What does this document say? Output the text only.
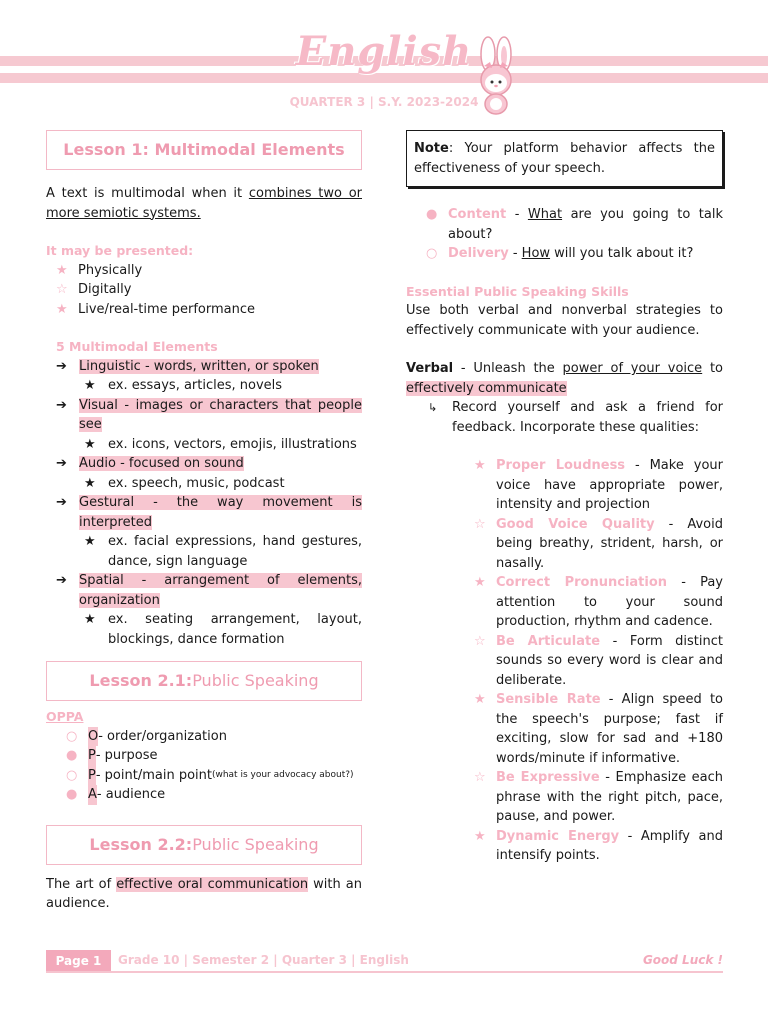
English
QUARTER 3 | S.Y. 2023-2024
Lesson 1: Multimodal Elements

A text is multimodal when it combines two or more semiotic systems.

It may be presented:
★ Physically
☆ Digitally
★ Live/real-time performance
5 Multimodal Elements
➔ Linguistic - words, written, or spoken
★ ex. essays, articles, novels
➔ Visual - images or characters that people see
★ ex. icons, vectors, emojis, illustrations
➔ Audio - focused on sound
★ ex. speech, music, podcast
➔ Gestural - the way movement is interpreted
★ ex. facial expressions, hand gestures, dance, sign language
➔ Spatial - arrangement of elements, organization
★ ex. seating arrangement, layout, blockings, dance formation
Lesson 2.1: Public Speaking
OPPA
○ O - order/organization
● P - purpose
○ P - point/main point (what is your advocacy about?)
● A - audience
Lesson 2.2: Public Speaking

The art of effective oral communication with an audience.

Note: Your platform behavior affects the effectiveness of your speech.
● Content - What are you going to talk about?
○ Delivery - How will you talk about it?
Essential Public Speaking Skills

Use both verbal and nonverbal strategies to effectively communicate with your audience.

Verbal - Unleash the power of your voice to effectively communicate

↳	Record yourself and ask a friend for feedback. Incorporate these qualities:
★ Proper Loudness - Make your voice have appropriate power, intensity and projection
☆ Good Voice Quality - Avoid being breathy, strident, harsh, or nasally.
★ Correct Pronunciation - Pay attention to your sound production, rhythm and cadence.
☆ Be Articulate - Form distinct sounds so every word is clear and deliberate.
★ Sensible Rate - Align speed to the speech's purpose; fast if exciting, slow for sad and +180 words/minute if informative.
☆ Be Expressive - Emphasize each phrase with the right pitch, pace, pause, and power.
★ Dynamic Energy - Amplify and intensify points.
Page 1	Grade 10 | Semester 2 | Quarter 3 | English	Good Luck !
